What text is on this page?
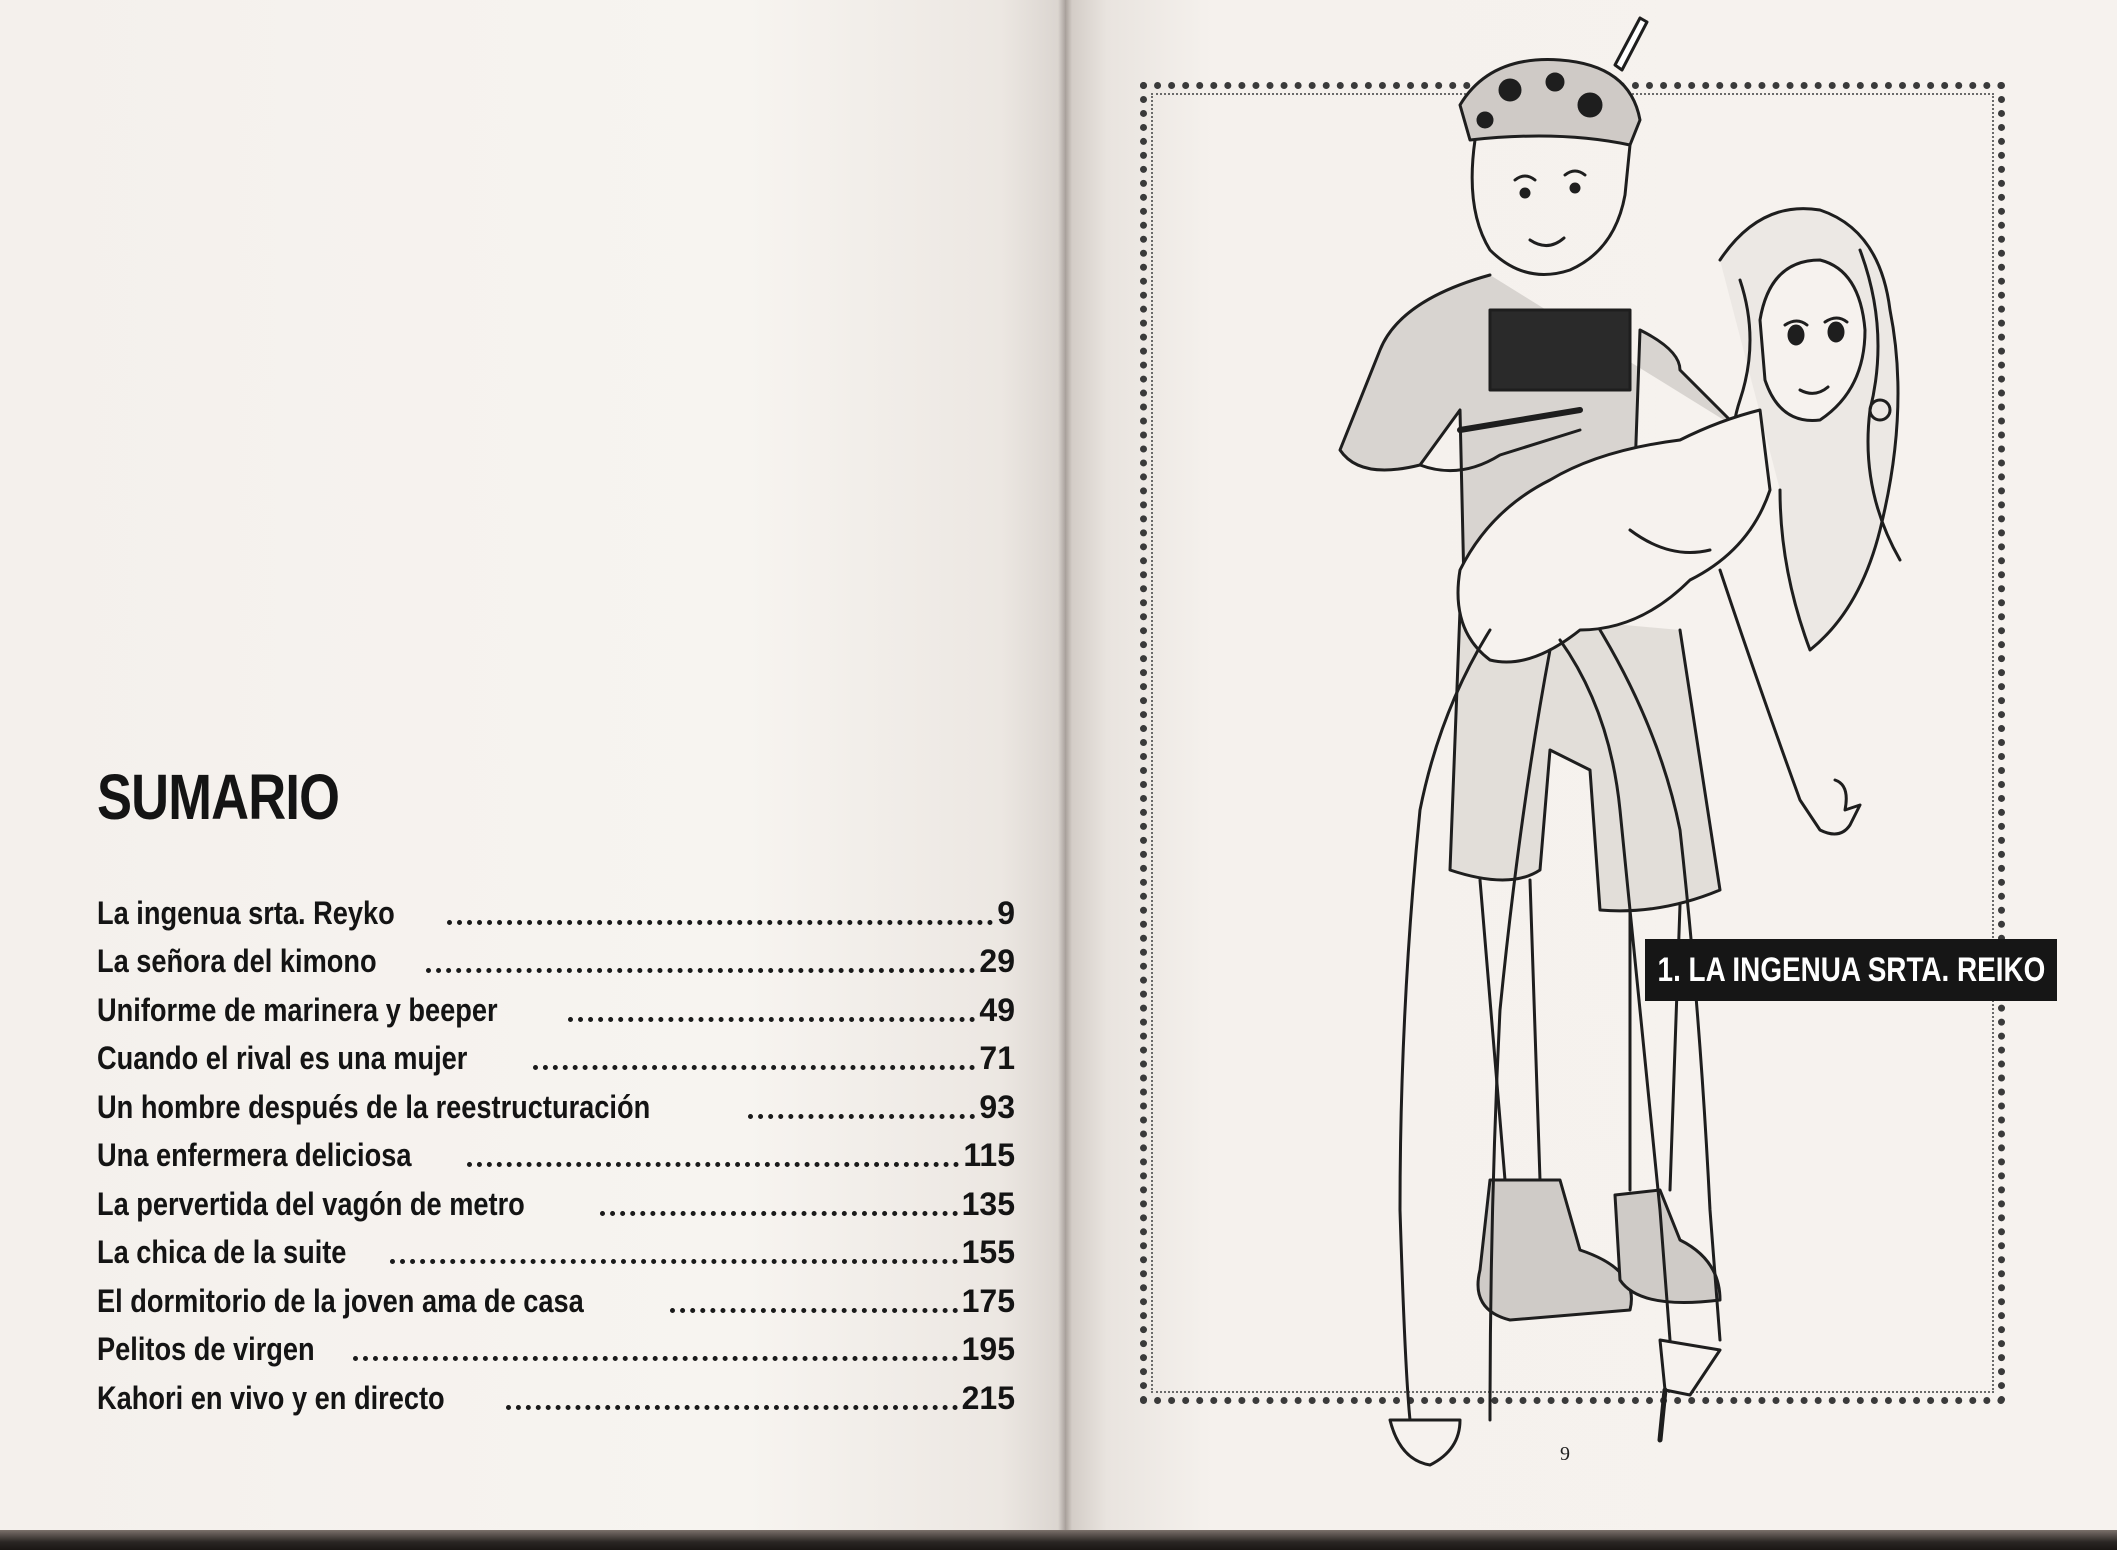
SUMARIO
La ingenua srta. Reyko	9
La señora del kimono	29
Uniforme de marinera y beeper	49
Cuando el rival es una mujer	71
Un hombre después de la reestructuración	93
Una enfermera deliciosa	115
La pervertida del vagón de metro	135
La chica de la suite	155
El dormitorio de la joven ama de casa	175
Pelitos de virgen	195
Kahori en vivo y en directo	215
1. LA INGENUA SRTA. REIKO
9
